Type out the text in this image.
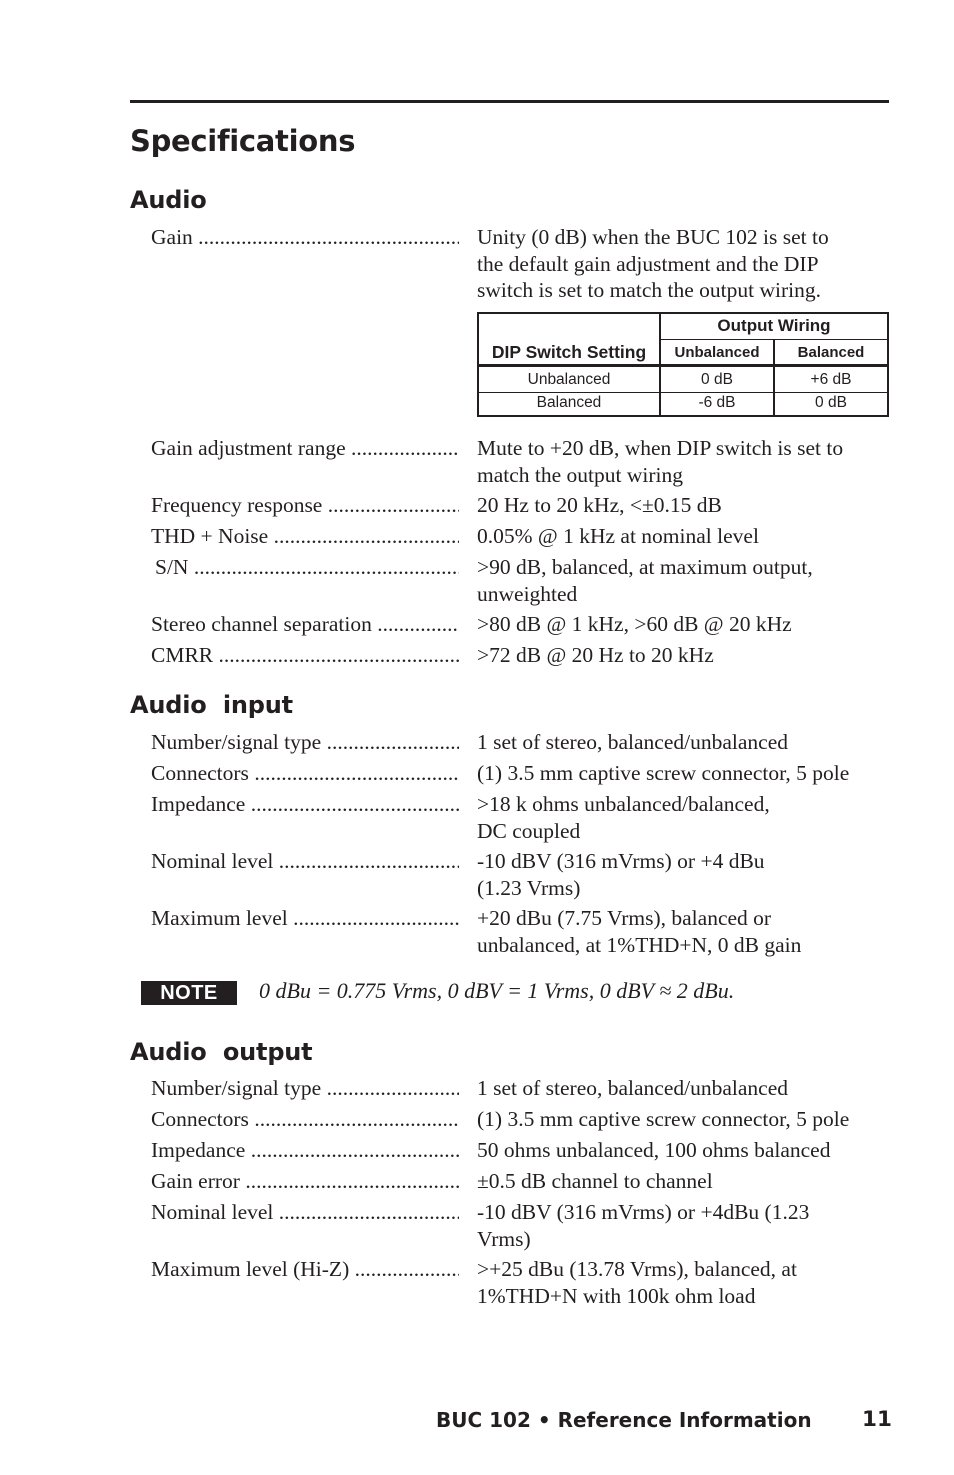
Specifications
Audio
Gain .....	Unity (0 dB) when the BUC 102 is set to
the default gain adjustment and the DIP
switch is set to match the output wiring.
Output Wiring
DIP Switch Setting	Unbalanced	Balanced
Unbalanced	0 dB	+6 dB
Balanced	-6 dB	0 dB
Gain adjustment range .....	Mute to +20 dB, when DIP switch is set to
match the output wiring
Frequency response .....	20 Hz to 20 kHz, <±0.15 dB
THD + Noise .....	0.05% @ 1 kHz at nominal level
S/N .....	>90 dB, balanced, at maximum output,
unweighted
Stereo channel separation .....	>80 dB @ 1 kHz, >60 dB @ 20 kHz
CMRR .....	>72 dB @ 20 Hz to 20 kHz
Audio  input
Number/signal type .....	1 set of stereo, balanced/unbalanced
Connectors .....	(1) 3.5 mm captive screw connector, 5 pole
Impedance .....	>18 k ohms unbalanced/balanced,
DC coupled
Nominal level .....	-10 dBV (316 mVrms) or +4 dBu
(1.23 Vrms)
Maximum level .....	+20 dBu (7.75 Vrms), balanced or
unbalanced, at 1%THD+N, 0 dB gain
NOTE	0 dBu = 0.775 Vrms, 0 dBV = 1 Vrms, 0 dBV ≈ 2 dBu.
Audio  output
Number/signal type .....	1 set of stereo, balanced/unbalanced
Connectors .....	(1) 3.5 mm captive screw connector, 5 pole
Impedance .....	50 ohms unbalanced, 100 ohms balanced
Gain error .....	±0.5 dB channel to channel
Nominal level .....	-10 dBV (316 mVrms) or +4dBu (1.23
Vrms)
Maximum level (Hi-Z) .....	>+25 dBu (13.78 Vrms), balanced, at
1%THD+N with 100k ohm load
BUC 102 • Reference Information 11
